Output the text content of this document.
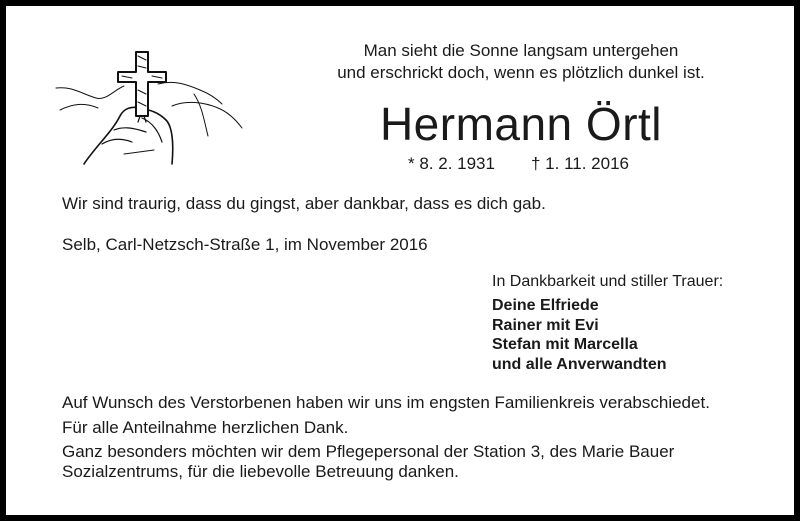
Man sieht die Sonne langsam untergehen
und erschrickt doch, wenn es plötzlich dunkel ist.
Hermann Örtl
* 8. 2. 1931 † 1. 11. 2016
Wir sind traurig, dass du gingst, aber dankbar, dass es dich gab.
Selb, Carl-Netzsch-Straße 1, im November 2016
In Dankbarkeit und stiller Trauer:
Deine Elfriede
Rainer mit Evi
Stefan mit Marcella
und alle Anverwandten
Auf Wunsch des Verstorbenen haben wir uns im engsten Familienkreis verabschiedet.
Für alle Anteilnahme herzlichen Dank.
Ganz besonders möchten wir dem Pflegepersonal der Station 3, des Marie Bauer
Sozialzentrums, für die liebevolle Betreuung danken.
